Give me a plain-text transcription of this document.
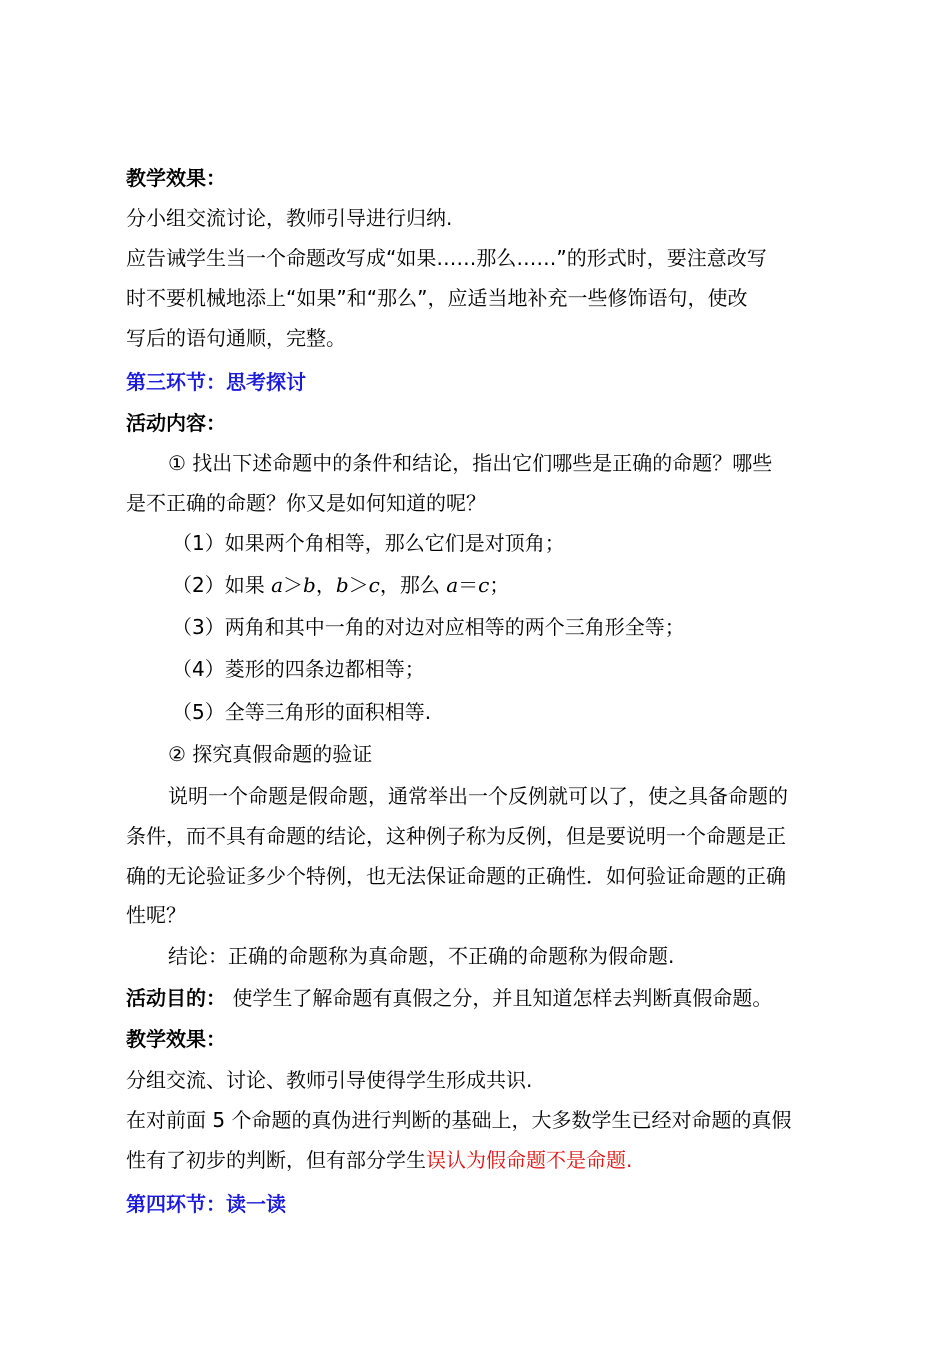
教学效果：
分小组交流讨论，教师引导进行归纳.
应告诫学生当一个命题改写成“如果……那么……”的形式时，要注意改写
时不要机械地添上“如果”和“那么”，应适当地补充一些修饰语句，使改
写后的语句通顺，完整。
第三环节：思考探讨
活动内容：
① 找出下述命题中的条件和结论，指出它们哪些是正确的命题？哪些
是不正确的命题？你又是如何知道的呢？
（1）如果两个角相等，那么它们是对顶角；
（2）如果 a＞b，b＞c，那么 a＝c；
（3）两角和其中一角的对边对应相等的两个三角形全等；
（4）菱形的四条边都相等；
（5）全等三角形的面积相等.
② 探究真假命题的验证
说明一个命题是假命题，通常举出一个反例就可以了，使之具备命题的
条件，而不具有命题的结论，这种例子称为反例，但是要说明一个命题是正
确的无论验证多少个特例，也无法保证命题的正确性．如何验证命题的正确
性呢？
结论：正确的命题称为真命题，不正确的命题称为假命题.
活动目的： 使学生了解命题有真假之分，并且知道怎样去判断真假命题。
教学效果：
分组交流、讨论、教师引导使得学生形成共识.
在对前面 5 个命题的真伪进行判断的基础上，大多数学生已经对命题的真假
性有了初步的判断，但有部分学生误认为假命题不是命题.
第四环节：读一读
